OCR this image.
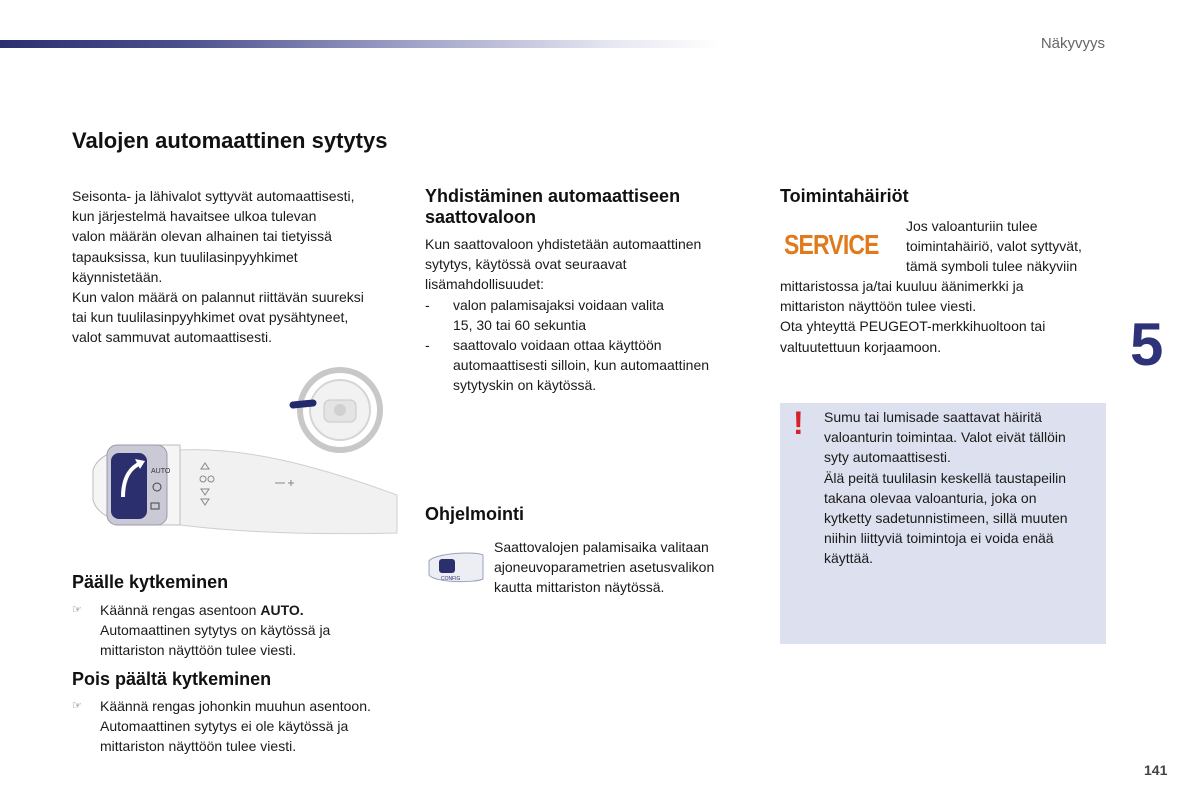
Näkyvyys
5
141
Valojen automaattinen sytytys
Seisonta- ja lähivalot syttyvät automaattisesti,
kun järjestelmä havaitsee ulkoa tulevan
valon määrän olevan alhainen tai tietyissä
tapauksissa, kun tuulilasinpyyhkimet
käynnistetään.
Kun valon määrä on palannut riittävän suureksi
tai kun tuulilasinpyyhkimet ovat pysähtyneet,
valot sammuvat automaattisesti.
AUTO
Päälle kytkeminen
☞	Käännä rengas asentoon AUTO.
Automaattinen sytytys on käytössä ja
mittariston näyttöön tulee viesti.
Pois päältä kytkeminen
☞	Käännä rengas johonkin muuhun asentoon.
Automaattinen sytytys ei ole käytössä ja
mittariston näyttöön tulee viesti.
Yhdistäminen automaattiseen saattovaloon
Kun saattovaloon yhdistetään automaattinen
sytytys, käytössä ovat seuraavat
lisämahdollisuudet:
-	valon palamisajaksi voidaan valita
15, 30 tai 60 sekuntia
-	saattovalo voidaan ottaa käyttöön
automaattisesti silloin, kun automaattinen
sytytyskin on käytössä.
Ohjelmointi
CONFIG
Saattovalojen palamisaika valitaan
ajoneuvoparametrien asetusvalikon
kautta mittariston näytössä.
Toimintahäiriöt
SERVICE
Jos valoanturiin tulee
toimintahäiriö, valot syttyvät,
tämä symboli tulee näkyviin
mittaristossa ja/tai kuuluu äänimerkki ja
mittariston näyttöön tulee viesti.
Ota yhteyttä PEUGEOT-merkkihuoltoon tai
valtuutettuun korjaamoon.
! Sumu tai lumisade saattavat häiritä
valoanturin toimintaa. Valot eivät tällöin
syty automaattisesti.
Älä peitä tuulilasin keskellä taustapeilin
takana olevaa valoanturia, joka on
kytketty sadetunnistimeen, sillä muuten
niihin liittyviä toimintoja ei voida enää
käyttää.
